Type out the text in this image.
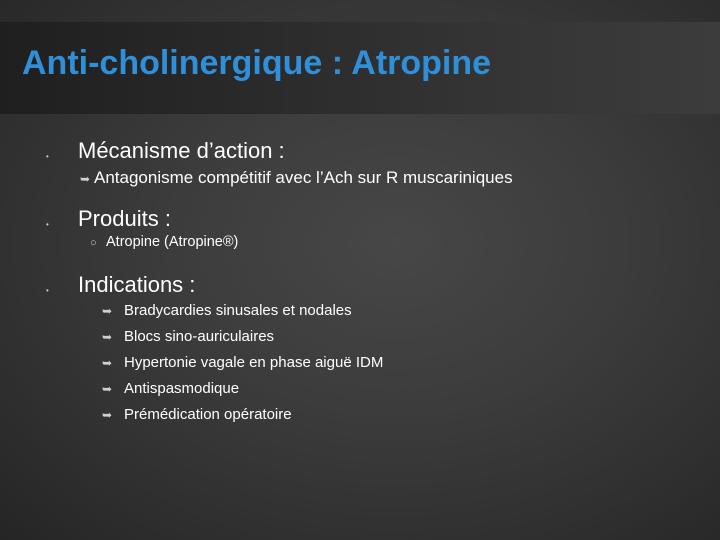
Anti-cholinergique : Atropine
• Mécanisme d’action :
➥ Antagonisme compétitif avec l’Ach sur R muscariniques
• Produits :
○ Atropine (Atropine®)
• Indications :
➥ Bradycardies sinusales et nodales
➥ Blocs sino-auriculaires
➥ Hypertonie vagale en phase aiguë IDM
➥ Antispasmodique
➥ Prémédication opératoire
